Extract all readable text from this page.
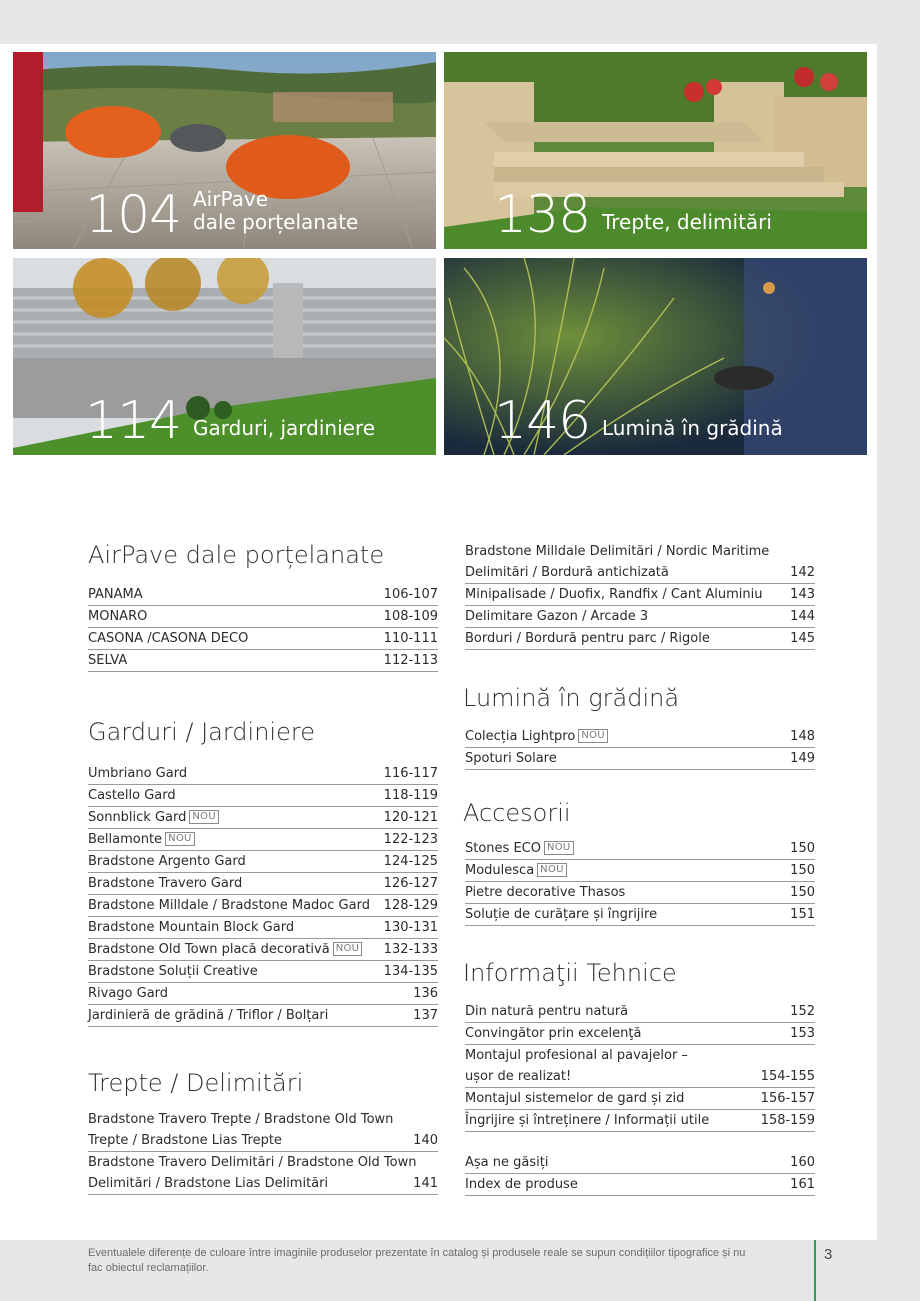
104 AirPave
dale porțelanate	138 Trepte, delimitări
114 Garduri, jardiniere 146 Lumină în grădină
AirPave dale porțelanate
PANAMA	106-107
MONARO	108-109
CASONA /CASONA DECO	110-111
SELVA	112-113
Garduri / Jardiniere
Umbriano Gard	116-117
Castello Gard	118-119
Sonnblick Gard NOU	120-121
Bellamonte NOU	122-123
Bradstone Argento Gard	124-125
Bradstone Travero Gard	126-127
Bradstone Milldale / Bradstone Madoc Gard 128-129
Bradstone Mountain Block Gard	130-131
Bradstone Old Town placă decorativă NOU 132-133
Bradstone Soluții Creative	134-135
Rivago Gard	136
Jardinieră de grădină / Triflor / Bolțari	137
Trepte / Delimitări
Bradstone Travero Trepte / Bradstone Old Town
Trepte / Bradstone Lias Trepte	140
Bradstone Travero Delimitări / Bradstone Old Town
Delimitări / Bradstone Lias Delimitări	141
Bradstone Milldale Delimitări / Nordic Maritime
Delimitări / Bordură antichizată	142
Minipalisade / Duofix, Randfix / Cant Aluminiu 143
Delimitare Gazon / Arcade 3	144
Borduri / Bordură pentru parc / Rigole	145
Lumină în grădină
Colecția Lightpro NOU	148
Spoturi Solare	149
Accesorii
Stones ECO NOU	150
Modulesca NOU	150
Pietre decorative Thasos	150
Soluție de curățare și îngrijire	151
Informaţii Tehnice
Din natură pentru natură	152
Convingător prin excelenţă	153
Montajul profesional al pavajelor –
ușor de realizat!	154-155
Montajul sistemelor de gard și zid	156-157
Îngrijire și întreținere / Informații utile	158-159
Așa ne găsiți	160
Index de produse	161
Eventualele diferențe de culoare între imaginile produselor prezentate în catalog și produsele reale se supun condițiilor tipografice și nu fac obiectul reclamațiilor.
3
